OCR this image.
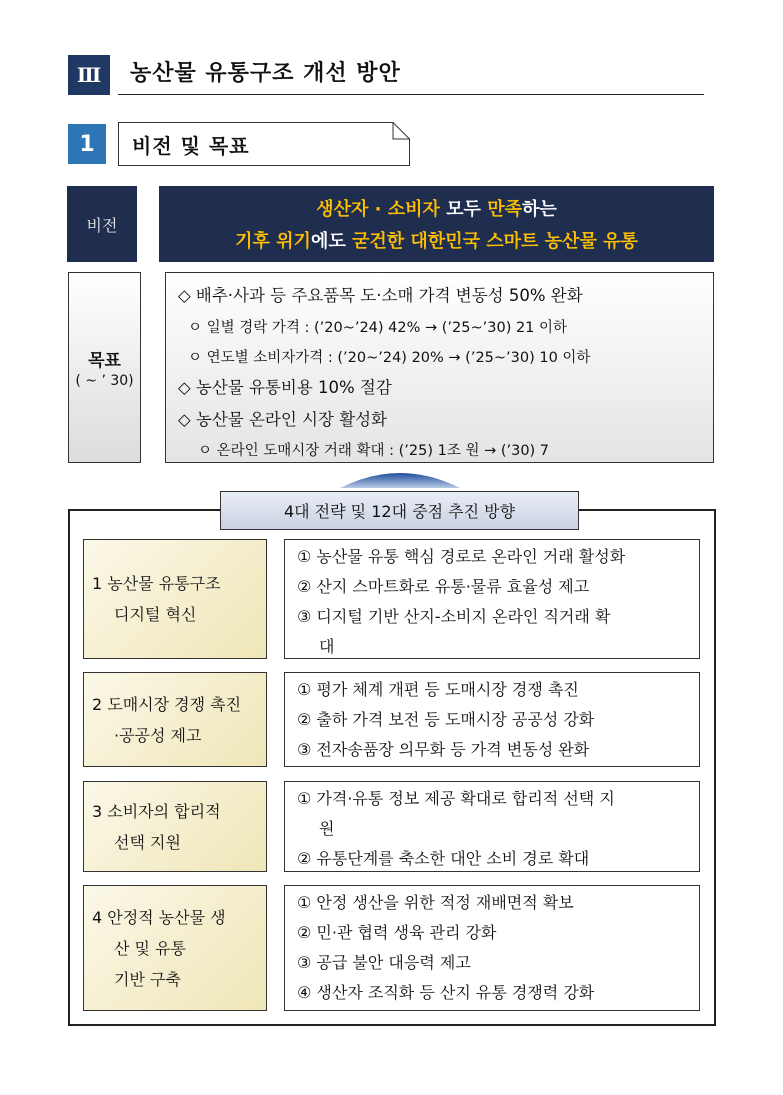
Ⅲ	농산물 유통구조 개선 방안
1	비전 및 목표
비전
생산자 · 소비자 모두 만족하는
기후 위기에도 굳건한 대한민국 스마트 농산물 유통
목표
( ~ ’ 30)
◇ 배추·사과 등 주요품목 도·소매 가격 변동성 50% 완화
ㅇ 일별 경락 가격 : (’20~’24) 42% → (’25~’30) 21 이하
ㅇ 연도별 소비자가격 : (’20~’24) 20% → (’25~’30) 10 이하
◇ 농산물 유통비용 10% 절감
◇ 농산물 온라인 시장 활성화
ㅇ 온라인 도매시장 거래 확대 : (’25) 1조 원 → (’30) 7
4대 전략 및 12대 중점 추진 방향
1 농산물 유통구조
디지털 혁신
① 농산물 유통 핵심 경로로 온라인 거래 활성화
② 산지 스마트화로 유통·물류 효율성 제고
③ 디지털 기반 산지-소비지 온라인 직거래 확
대
2 도매시장 경쟁 촉진
·공공성 제고
① 평가 체계 개편 등 도매시장 경쟁 촉진
② 출하 가격 보전 등 도매시장 공공성 강화
③ 전자송품장 의무화 등 가격 변동성 완화
3 소비자의 합리적
선택 지원
① 가격·유통 정보 제공 확대로 합리적 선택 지
원
② 유통단계를 축소한 대안 소비 경로 확대
4 안정적 농산물 생
산 및 유통
기반 구축
① 안정 생산을 위한 적정 재배면적 확보
② 민·관 협력 생육 관리 강화
③ 공급 불안 대응력 제고
④ 생산자 조직화 등 산지 유통 경쟁력 강화
